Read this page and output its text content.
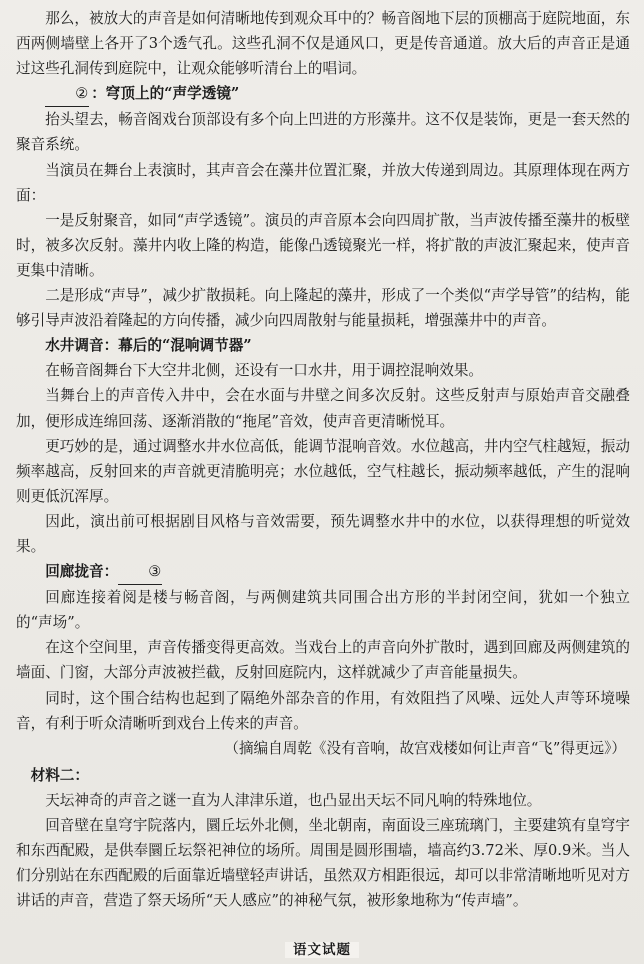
那么，被放大的声音是如何清晰地传到观众耳中的？畅音阁地下层的顶棚高于庭院地面，东西两侧墙壁上各开了3个透气孔。这些孔洞不仅是通风口，更是传音通道。放大后的声音正是通过这些孔洞传到庭院中，让观众能够听清台上的唱词。

② ：穹顶上的“声学透镜”

抬头望去，畅音阁戏台顶部设有多个向上凹进的方形藻井。这不仅是装饰，更是一套天然的聚音系统。

当演员在舞台上表演时，其声音会在藻井位置汇聚，并放大传递到周边。其原理体现在两方面：

一是反射聚音，如同“声学透镜”。演员的声音原本会向四周扩散，当声波传播至藻井的板壁时，被多次反射。藻井内收上隆的构造，能像凸透镜聚光一样，将扩散的声波汇聚起来，使声音更集中清晰。

二是形成“声导”，减少扩散损耗。向上隆起的藻井，形成了一个类似“声学导管”的结构，能够引导声波沿着隆起的方向传播，减少向四周散射与能量损耗，增强藻井中的声音。

水井调音：幕后的“混响调节器”

在畅音阁舞台下大空井北侧，还设有一口水井，用于调控混响效果。

当舞台上的声音传入井中，会在水面与井壁之间多次反射。这些反射声与原始声音交融叠加，便形成连绵回荡、逐渐消散的“拖尾”音效，使声音更清晰悦耳。

更巧妙的是，通过调整水井水位高低，能调节混响音效。水位越高，井内空气柱越短，振动频率越高，反射回来的声音就更清脆明亮；水位越低，空气柱越长，振动频率越低，产生的混响则更低沉浑厚。

因此，演出前可根据剧目风格与音效需要，预先调整水井中的水位，以获得理想的听觉效果。

回廊拢音： ③

回廊连接着阅是楼与畅音阁，与两侧建筑共同围合出方形的半封闭空间，犹如一个独立的“声场”。

在这个空间里，声音传播变得更高效。当戏台上的声音向外扩散时，遇到回廊及两侧建筑的墙面、门窗，大部分声波被拦截，反射回庭院内，这样就减少了声音能量损失。

同时，这个围合结构也起到了隔绝外部杂音的作用，有效阻挡了风噪、远处人声等环境噪音，有利于听众清晰听到戏台上传来的声音。

（摘编自周乾《没有音响，故宫戏楼如何让声音“飞”得更远》）

材料二：

天坛神奇的声音之谜一直为人津津乐道，也凸显出天坛不同凡响的特殊地位。

回音壁在皇穹宇院落内，圜丘坛外北侧，坐北朝南，南面设三座琉璃门，主要建筑有皇穹宇和东西配殿，是供奉圜丘坛祭祀神位的场所。周围是圆形围墙，墙高约3.72米、厚0.9米。当人们分别站在东西配殿的后面靠近墙壁轻声讲话，虽然双方相距很远，却可以非常清晰地听见对方讲话的声音，营造了祭天场所“天人感应”的神秘气氛，被形象地称为“传声墙”。

语文试题
